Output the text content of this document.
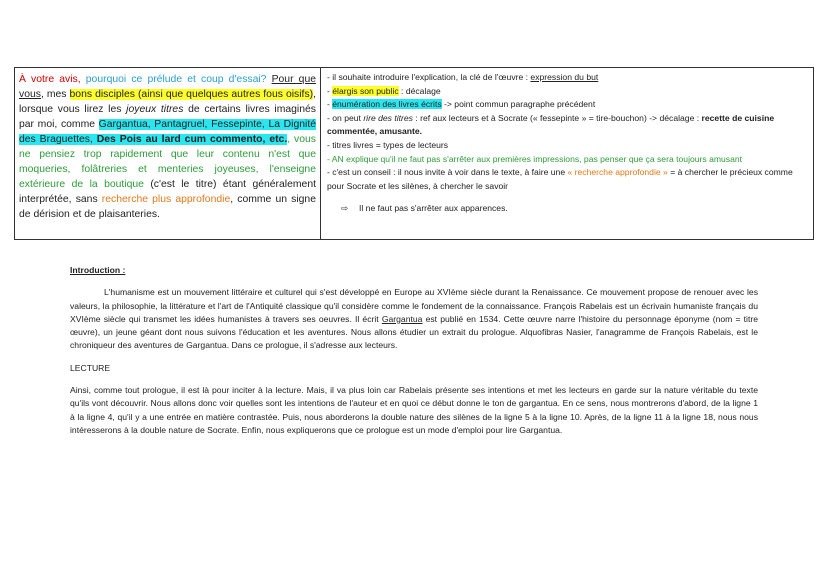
À votre avis, pourquoi ce prélude et coup d'essai? Pour que vous, mes bons disciples (ainsi que quelques autres fous oisifs), lorsque vous lirez les joyeux titres de certains livres imaginés par moi, comme Gargantua, Pantagruel, Fessepinte, La Dignité des Braguettes, Des Pois au lard cum commento, etc., vous ne pensiez trop rapidement que leur contenu n'est que moqueries, folâtreries et menteries joyeuses, l'enseigne extérieure de la boutique (c'est le titre) étant généralement interprétée, sans recherche plus approfondie, comme un signe de dérision et de plaisanteries.
- il souhaite introduire l'explication, la clé de l'œuvre : expression du but
- élargis son public : décalage
- énumération des livres écrits -> point commun paragraphe précédent
- on peut rire des titres : ref aux lecteurs et à Socrate (« fessepinte » = tire-bouchon) -> décalage : recette de cuisine commentée, amusante.
- titres livres = types de lecteurs
- AN explique qu'il ne faut pas s'arrêter aux premières impressions, pas penser que ça sera toujours amusant
- c'est un conseil : il nous invite à voir dans le texte, à faire une « recherche approfondie » = à chercher le précieux comme pour Socrate et les silènes, à chercher le savoir
⇨ Il ne faut pas s'arrêter aux apparences.

Introduction :

L'humanisme est un mouvement littéraire et culturel qui s'est développé en Europe au XVIème siècle durant la Renaissance. Ce mouvement propose de renouer avec les valeurs, la philosophie, la littérature et l'art de l'Antiquité classique qu'il considère comme le fondement de la connaissance. François Rabelais est un écrivain humaniste français du XVIème siècle qui transmet les idées humanistes à travers ses oeuvres. Il écrit Gargantua est publié en 1534. Cette œuvre narre l'histoire du personnage éponyme (nom = titre œuvre), un jeune géant dont nous suivons l'éducation et les aventures. Nous allons étudier un extrait du prologue. Alquofibras Nasier, l'anagramme de François Rabelais, est le chroniqueur des aventures de Gargantua. Dans ce prologue, il s'adresse aux lecteurs.

LECTURE

Ainsi, comme tout prologue, il est là pour inciter à la lecture. Mais, il va plus loin car Rabelais présente ses intentions et met les lecteurs en garde sur la nature véritable du texte qu'ils vont découvrir. Nous allons donc voir quelles sont les intentions de l'auteur et en quoi ce début donne le ton de gargantua. En ce sens, nous montrerons d'abord, de la ligne 1 à la ligne 4, qu'il y a une entrée en matière contrastée. Puis, nous aborderons la double nature des silènes de la ligne 5 à la ligne 10. Après, de la ligne 11 à la ligne 18, nous nous intéresserons à la double nature de Socrate. Enfin, nous expliquerons que ce prologue est un mode d'emploi pour lire Gargantua.
